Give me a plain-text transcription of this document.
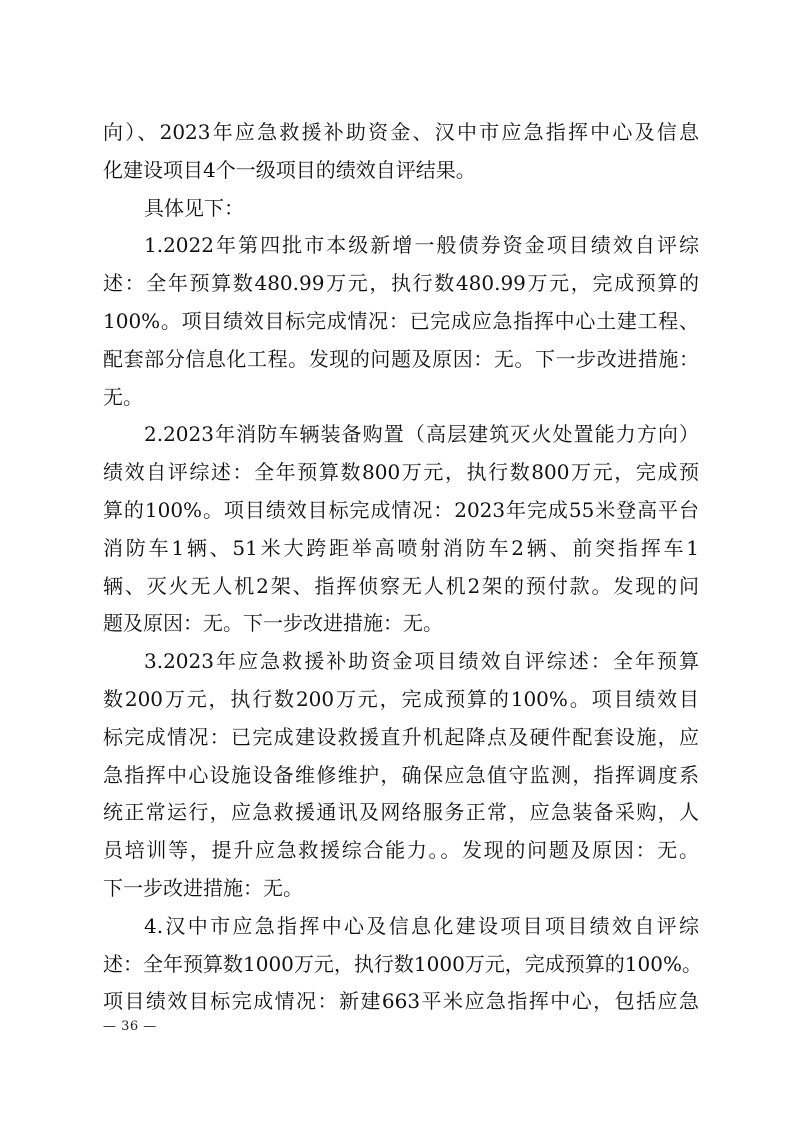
向）、2023年应急救援补助资金、汉中市应急指挥中心及信息
化建设项目4个一级项目的绩效自评结果。
具体见下：
1.2022年第四批市本级新增一般债券资金项目绩效自评综
述：全年预算数480.99万元，执行数480.99万元，完成预算的
100%。项目绩效目标完成情况：已完成应急指挥中心土建工程、
配套部分信息化工程。发现的问题及原因：无。下一步改进措施：
无。
2.2023年消防车辆装备购置（高层建筑灭火处置能力方向）
绩效自评综述：全年预算数800万元，执行数800万元，完成预
算的100%。项目绩效目标完成情况：2023年完成55米登高平台
消防车1辆、51米大跨距举高喷射消防车2辆、前突指挥车1
辆、灭火无人机2架、指挥侦察无人机2架的预付款。发现的问
题及原因：无。下一步改进措施：无。
3.2023年应急救援补助资金项目绩效自评综述：全年预算
数200万元，执行数200万元，完成预算的100%。项目绩效目
标完成情况：已完成建设救援直升机起降点及硬件配套设施，应
急指挥中心设施设备维修维护，确保应急值守监测，指挥调度系
统正常运行，应急救援通讯及网络服务正常，应急装备采购，人
员培训等，提升应急救援综合能力。。发现的问题及原因：无。
下一步改进措施：无。
4.汉中市应急指挥中心及信息化建设项目项目绩效自评综
述：全年预算数1000万元，执行数1000万元，完成预算的100%。
项目绩效目标完成情况：新建663平米应急指挥中心，包括应急
— 36 —
